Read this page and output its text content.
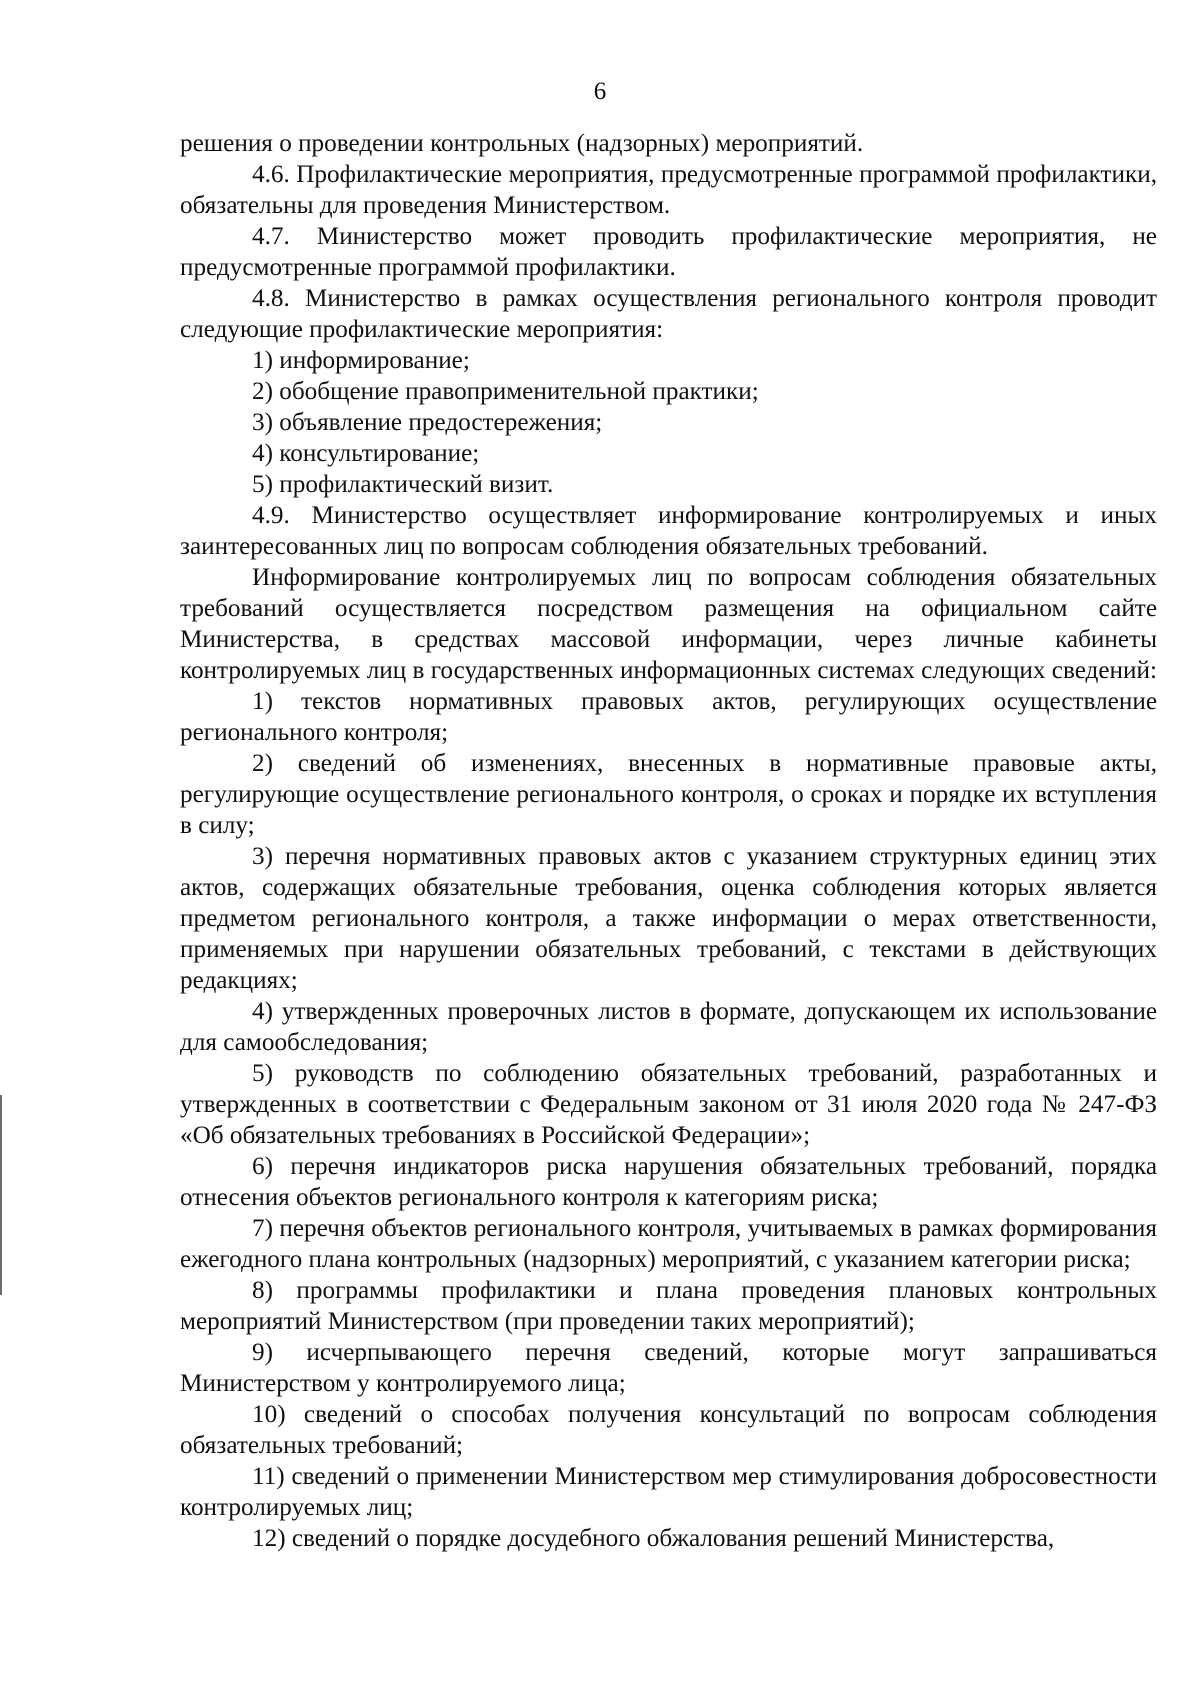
6

решения о проведении контрольных (надзорных) мероприятий.

4.6. Профилактические мероприятия, предусмотренные программой профилактики, обязательны для проведения Министерством.

4.7. Министерство может проводить профилактические мероприятия, не предусмотренные программой профилактики.

4.8. Министерство в рамках осуществления регионального контроля проводит следующие профилактические мероприятия:

1) информирование;

2) обобщение правоприменительной практики;

3) объявление предостережения;

4) консультирование;

5) профилактический визит.

4.9. Министерство осуществляет информирование контролируемых и иных заинтересованных лиц по вопросам соблюдения обязательных требований.

Информирование контролируемых лиц по вопросам соблюдения обязательных требований осуществляется посредством размещения на официальном сайте Министерства, в средствах массовой информации, через личные кабинеты контролируемых лиц в государственных информационных системах следующих сведений:

1) текстов нормативных правовых актов, регулирующих осуществление регионального контроля;

2) сведений об изменениях, внесенных в нормативные правовые акты, регулирующие осуществление регионального контроля, о сроках и порядке их вступления в силу;

3) перечня нормативных правовых актов с указанием структурных единиц этих актов, содержащих обязательные требования, оценка соблюдения которых является предметом регионального контроля, а также информации о мерах ответственности, применяемых при нарушении обязательных требований, с текстами в действующих редакциях;

4) утвержденных проверочных листов в формате, допускающем их использование для самообследования;

5) руководств по соблюдению обязательных требований, разработанных и утвержденных в соответствии с Федеральным законом от 31 июля 2020 года № 247-ФЗ «Об обязательных требованиях в Российской Федерации»;

6) перечня индикаторов риска нарушения обязательных требований, порядка отнесения объектов регионального контроля к категориям риска;

7) перечня объектов регионального контроля, учитываемых в рамках формирования ежегодного плана контрольных (надзорных) мероприятий, с указанием категории риска;

8) программы профилактики и плана проведения плановых контрольных мероприятий Министерством (при проведении таких мероприятий);

9) исчерпывающего перечня сведений, которые могут запрашиваться Министерством у контролируемого лица;

10) сведений о способах получения консультаций по вопросам соблюдения обязательных требований;

11) сведений о применении Министерством мер стимулирования добросовестности контролируемых лиц;

12) сведений о порядке досудебного обжалования решений Министерства,
